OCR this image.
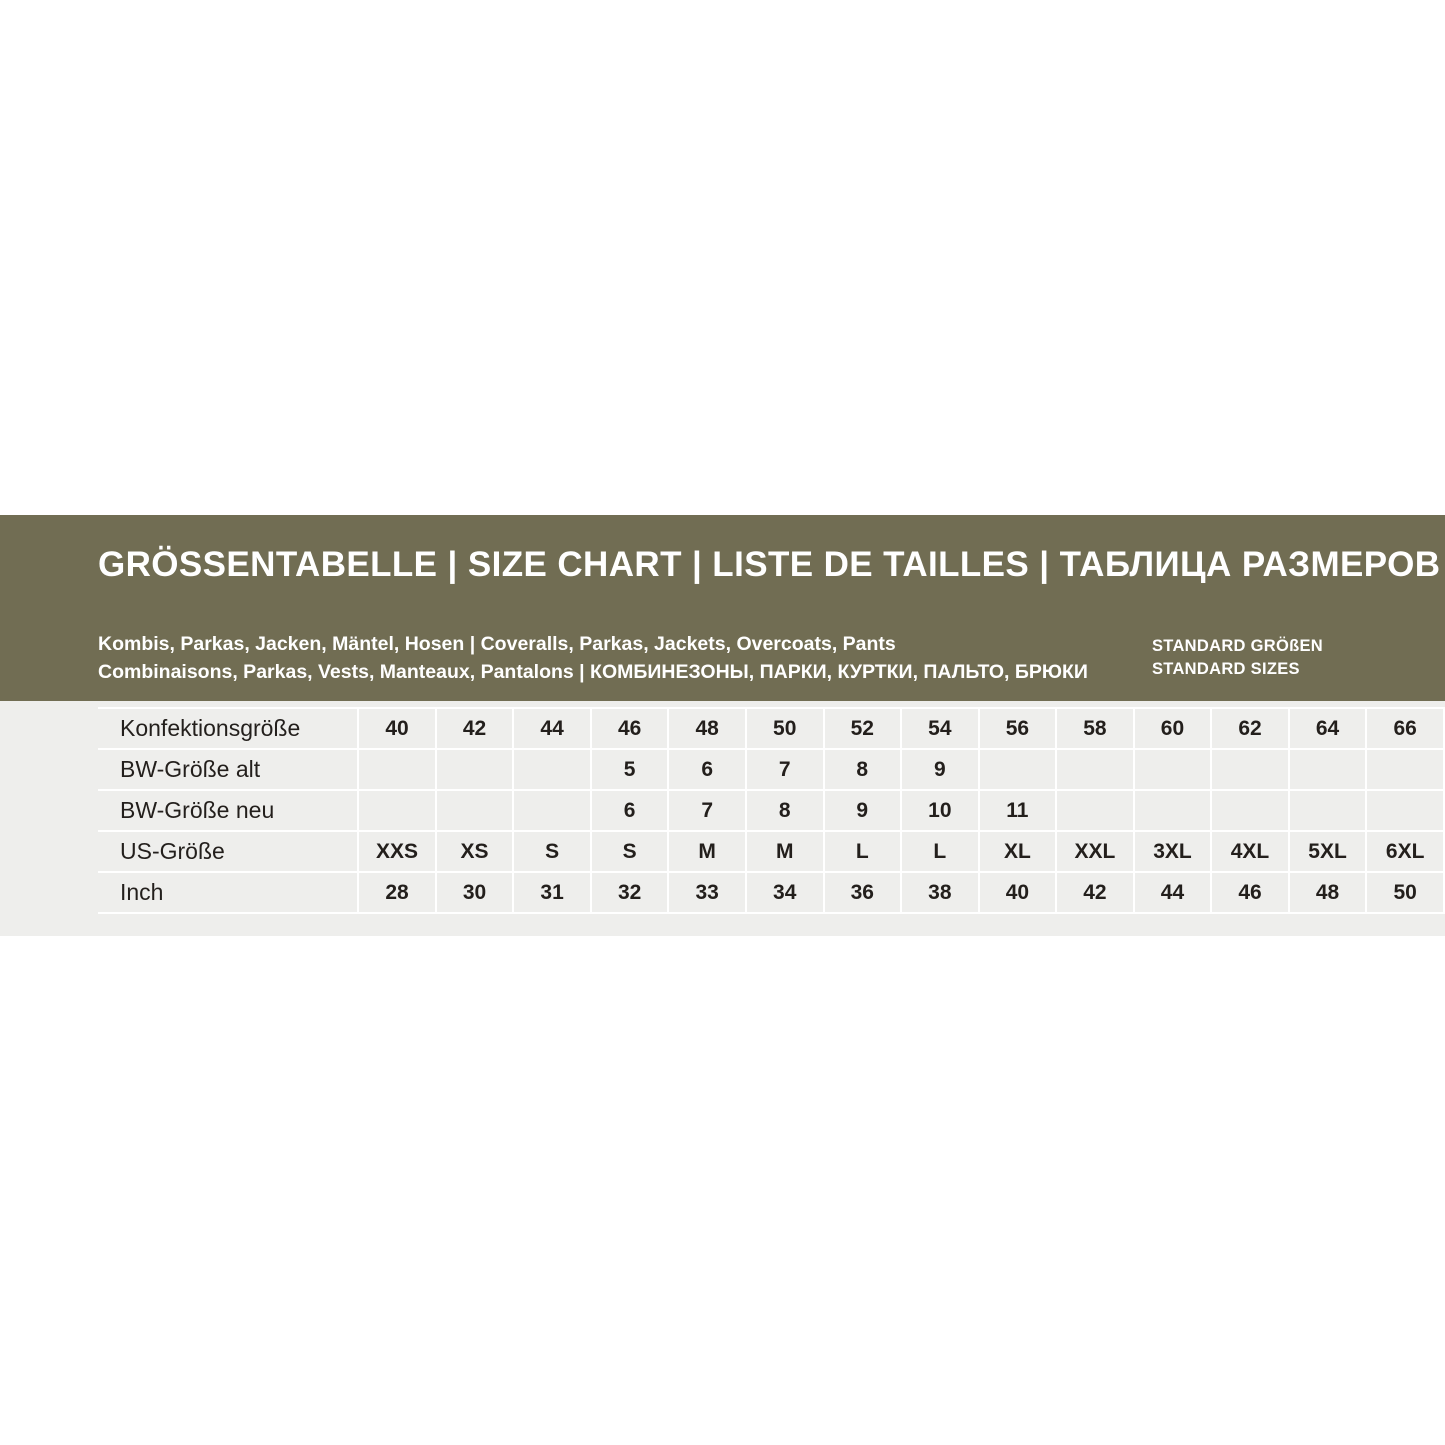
GRÖSSENTABELLE | SIZE CHART | LISTE DE TAILLES | ТАБЛИЦА РАЗМЕРОВ
Kombis, Parkas, Jacken, Mäntel, Hosen | Coveralls, Parkas, Jackets, Overcoats, Pants
Combinaisons, Parkas, Vests, Manteaux, Pantalons | КОМБИНЕЗОНЫ, ПАРКИ, КУРТКИ, ПАЛЬТО, БРЮКИ
STANDARD GRÖßEN
STANDARD SIZES
Konfektionsgröße	40	42	44	46	48	50	52	54	56	58	60	62	64	66
BW-Größe alt				5	6	7	8	9						
BW-Größe neu				6	7	8	9	10	11					
US-Größe	XXS	XS	S	S	M	M	L	L	XL	XXL	3XL	4XL	5XL	6XL
Inch	28	30	31	32	33	34	36	38	40	42	44	46	48	50
